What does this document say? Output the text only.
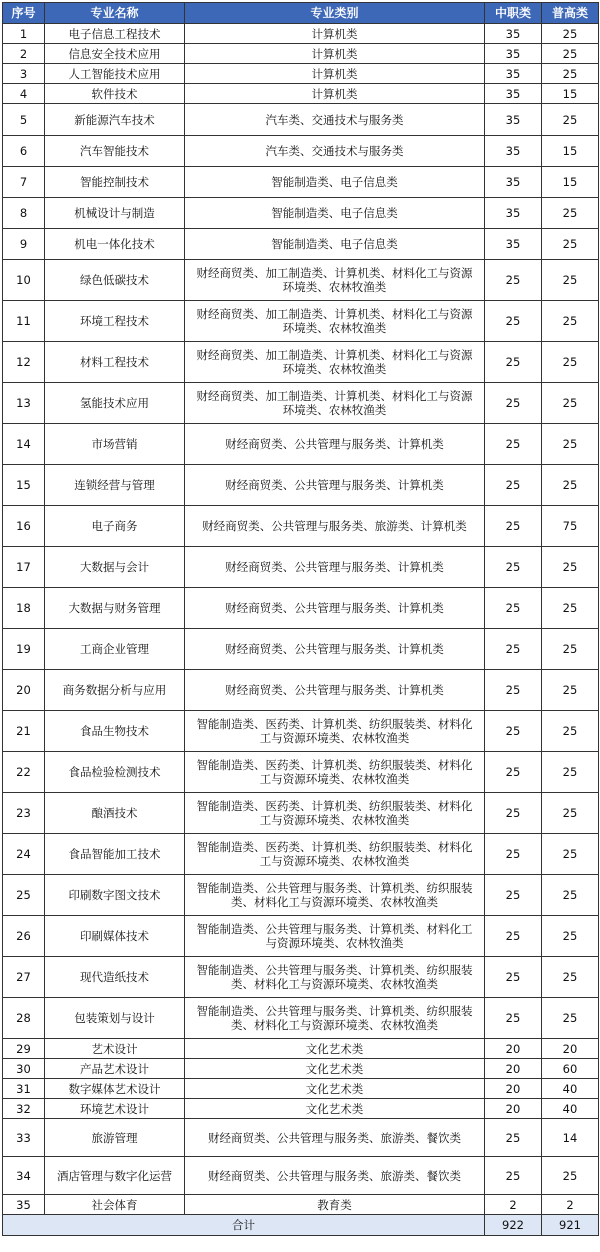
序号	专业名称	专业类别	中职类	普高类
1	电子信息工程技术	计算机类	35	25
2	信息安全技术应用	计算机类	35	25
3	人工智能技术应用	计算机类	35	25
4	软件技术	计算机类	35	15
5	新能源汽车技术	汽车类、交通技术与服务类	35	25
6	汽车智能技术	汽车类、交通技术与服务类	35	15
7	智能控制技术	智能制造类、电子信息类	35	15
8	机械设计与制造	智能制造类、电子信息类	35	25
9	机电一体化技术	智能制造类、电子信息类	35	25
10	绿色低碳技术	财经商贸类、加工制造类、计算机类、材料化工与资源环境类、农林牧渔类	25	25
11	环境工程技术	财经商贸类、加工制造类、计算机类、材料化工与资源环境类、农林牧渔类	25	25
12	材料工程技术	财经商贸类、加工制造类、计算机类、材料化工与资源环境类、农林牧渔类	25	25
13	氢能技术应用	财经商贸类、加工制造类、计算机类、材料化工与资源环境类、农林牧渔类	25	25
14	市场营销	财经商贸类、公共管理与服务类、计算机类	25	25
15	连锁经营与管理	财经商贸类、公共管理与服务类、计算机类	25	25
16	电子商务	财经商贸类、公共管理与服务类、旅游类、计算机类	25	75
17	大数据与会计	财经商贸类、公共管理与服务类、计算机类	25	25
18	大数据与财务管理	财经商贸类、公共管理与服务类、计算机类	25	25
19	工商企业管理	财经商贸类、公共管理与服务类、计算机类	25	25
20	商务数据分析与应用	财经商贸类、公共管理与服务类、计算机类	25	25
21	食品生物技术	智能制造类、医药类、计算机类、纺织服装类、材料化工与资源环境类、农林牧渔类	25	25
22	食品检验检测技术	智能制造类、医药类、计算机类、纺织服装类、材料化工与资源环境类、农林牧渔类	25	25
23	酿酒技术	智能制造类、医药类、计算机类、纺织服装类、材料化工与资源环境类、农林牧渔类	25	25
24	食品智能加工技术	智能制造类、医药类、计算机类、纺织服装类、材料化工与资源环境类、农林牧渔类	25	25
25	印刷数字图文技术	智能制造类、公共管理与服务类、计算机类、纺织服装类、材料化工与资源环境类、农林牧渔类	25	25
26	印刷媒体技术	智能制造类、公共管理与服务类、计算机类、材料化工与资源环境类、农林牧渔类	25	25
27	现代造纸技术	智能制造类、公共管理与服务类、计算机类、纺织服装类、材料化工与资源环境类、农林牧渔类	25	25
28	包装策划与设计	智能制造类、公共管理与服务类、计算机类、纺织服装类、材料化工与资源环境类、农林牧渔类	25	25
29	艺术设计	文化艺术类	20	20
30	产品艺术设计	文化艺术类	20	60
31	数字媒体艺术设计	文化艺术类	20	40
32	环境艺术设计	文化艺术类	20	40
33	旅游管理	财经商贸类、公共管理与服务类、旅游类、餐饮类	25	14
34	酒店管理与数字化运营	财经商贸类、公共管理与服务类、旅游类、餐饮类	25	25
35	社会体育	教育类	2	2
合计			922	921
